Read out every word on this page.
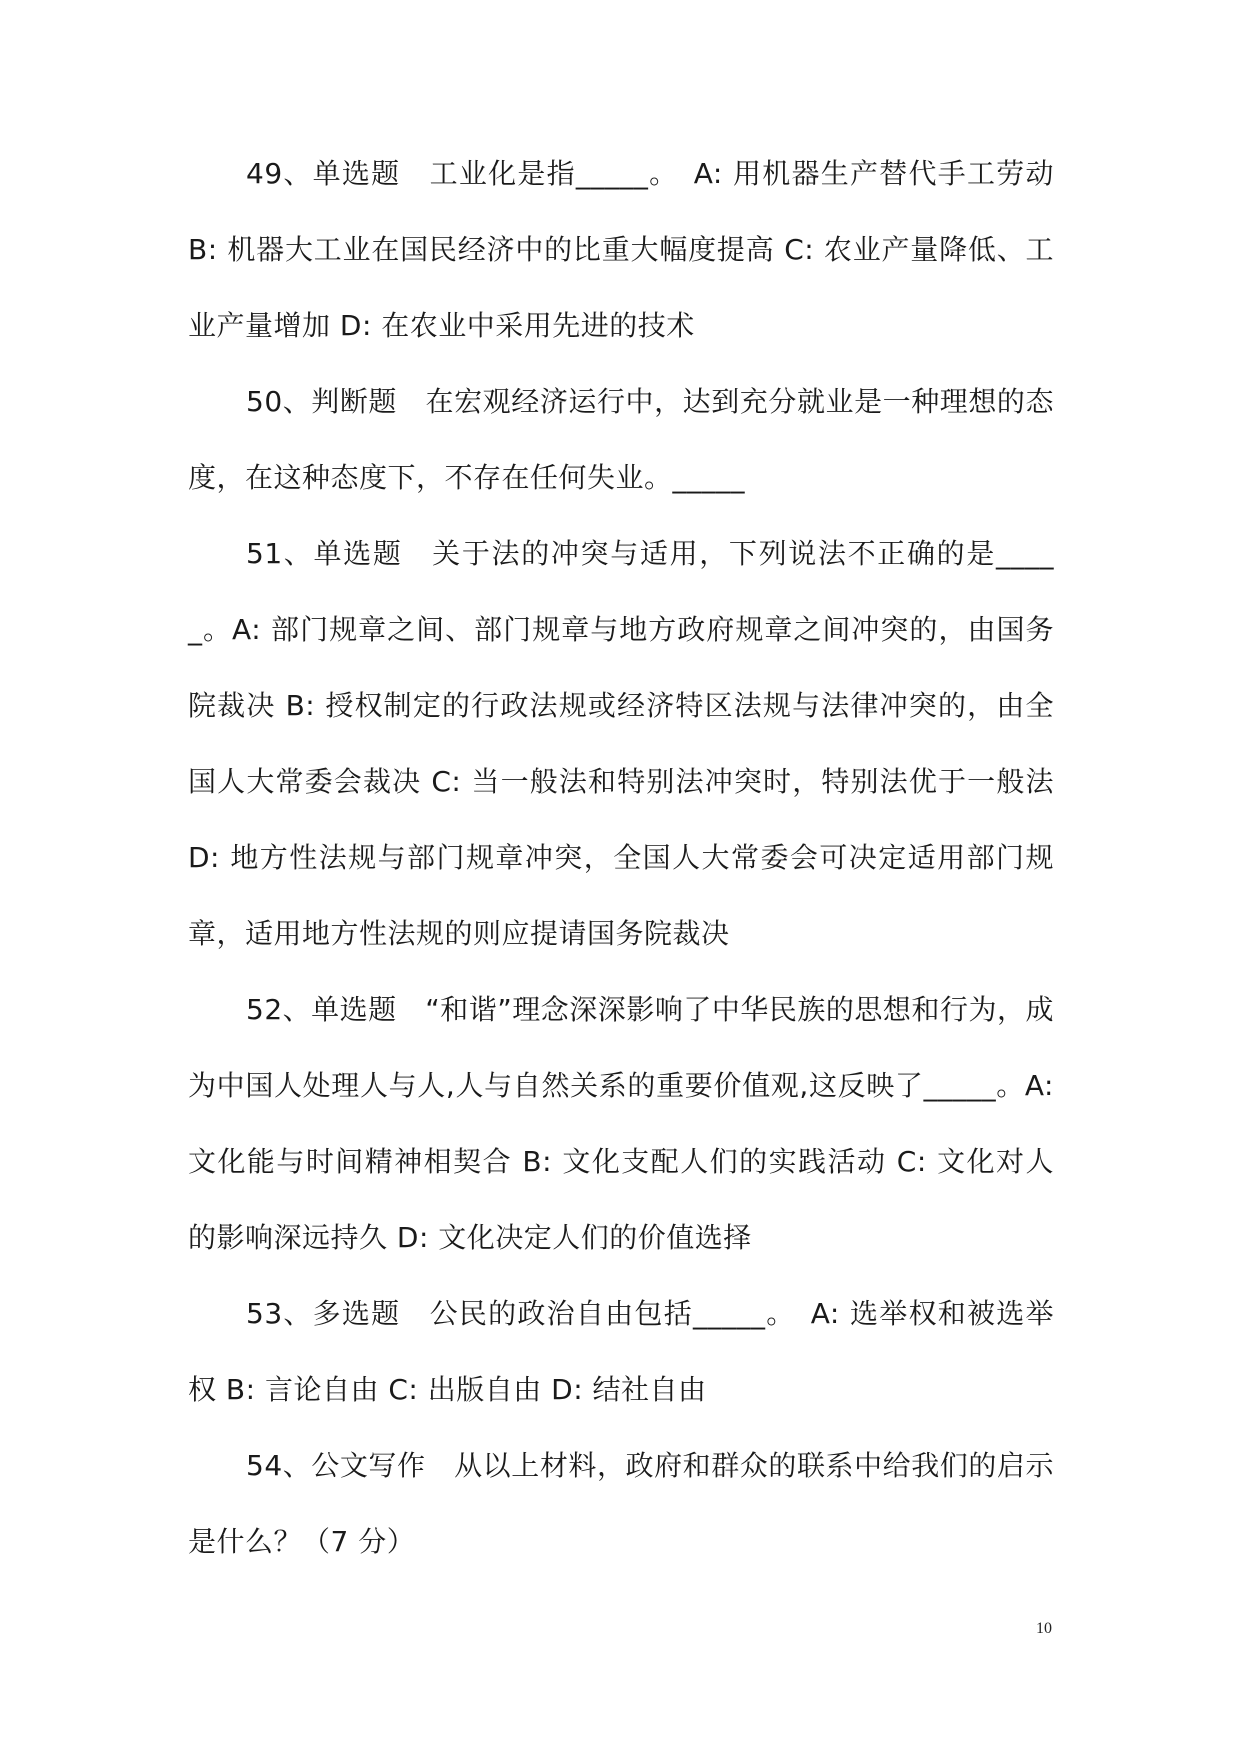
49、单选题　工业化是指_____。　A: 用机器生产替代手工劳动 B: 机器大工业在国民经济中的比重大幅度提高 C: 农业产量降低、工业产量增加 D: 在农业中采用先进的技术

50、判断题　在宏观经济运行中，达到充分就业是一种理想的态度，在这种态度下，不存在任何失业。_____

51、单选题　关于法的冲突与适用，下列说法不正确的是_____。A: 部门规章之间、部门规章与地方政府规章之间冲突的，由国务院裁决 B: 授权制定的行政法规或经济特区法规与法律冲突的，由全国人大常委会裁决 C: 当一般法和特别法冲突时，特别法优于一般法 D: 地方性法规与部门规章冲突，全国人大常委会可决定适用部门规章，适用地方性法规的则应提请国务院裁决

52、单选题　“和谐”理念深深影响了中华民族的思想和行为，成为中国人处理人与人,人与自然关系的重要价值观,这反映了_____。A: 文化能与时间精神相契合 B: 文化支配人们的实践活动 C: 文化对人的影响深远持久 D: 文化决定人们的价值选择

53、多选题　公民的政治自由包括_____。　A: 选举权和被选举权 B: 言论自由 C: 出版自由 D: 结社自由

54、公文写作　从以上材料，政府和群众的联系中给我们的启示是什么？（7 分）

10
